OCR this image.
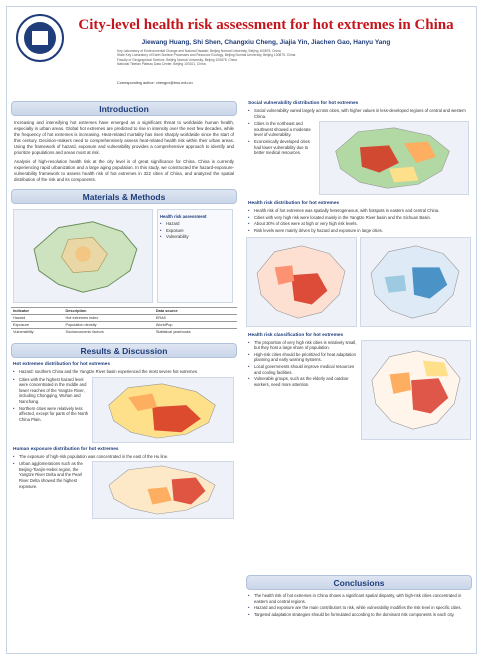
City-level health risk assessment for hot extremes in China
Jiewang Huang, Shi Shen, Changxiu Cheng, Jiajia Yin, Jiachen Gao, Hanyu Yang
Key Laboratory of Environmental Change and Natural Disaster, Beijing Normal University, Beijing 100875, China
State Key Laboratory of Earth Surface Processes and Resource Ecology, Beijing Normal University, Beijing 100875, China
Faculty of Geographical Science, Beijing Normal University, Beijing 100875, China
National Tibetan Plateau Data Center, Beijing 100101, China
Corresponding author: chengcx@bnu.edu.cn
Introduction

Increasing and intensifying hot extremes have emerged as a significant threat to worldwide human health, especially in urban areas. Global hot extremes are predicted to rise in intensity over the next few decades, while the frequency of hot extremes is increasing. Heat-related mortality has risen sharply worldwide since the start of this century. Decision-makers need to comprehensively assess heat-related health risk within their urban areas. Using the framework of hazard, exposure and vulnerability provides a comprehensive approach to identify and prioritize populations and areas most at risk.

Analysis of high-resolution health risk at the city level is of great significance for China. China is currently experiencing rapid urbanization and a large aging population. In this study, we constructed the hazard-exposure-vulnerability framework to assess health risk of hot extremes in 322 cities of China, and analyzed the spatial distribution of the risk and its components.

Materials & Methods
Health risk assessment
• Hazard
• Exposure
• Vulnerability
Indicator	Description	Data source
Hazard	Hot extremes index	ERA5
Exposure	Population density	WorldPop
Vulnerability	Socioeconomic factors	Statistical yearbooks
Results & Discussion
Hot extremes distribution for hot extremes
• Hazard: southern China and the Yangtze River basin experienced the most severe hot extremes.
• Cities with the highest hazard level were concentrated in the middle and lower reaches of the Yangtze River, including Chongqing, Wuhan and Nanchang.
• Northern cities were relatively less affected, except for parts of the North China Plain.
Human exposure distribution for hot extremes
• The exposure of high-risk population was concentrated in the east of the Hu line.
• Urban agglomerations such as the Beijing-Tianjin-Hebei region, the Yangtze River Delta and the Pearl River Delta showed the highest exposure.
Social vulnerability distribution for hot extremes
• Social vulnerability varied largely across cities, with higher values in less-developed regions of central and western China.
• Cities in the northeast and southwest showed a moderate level of vulnerability.
• Economically developed cities had lower vulnerability due to better medical resources.
Health risk distribution for hot extremes
• Health risk of hot extremes was spatially heterogeneous, with hotspots in eastern and central China.
• Cities with very high risk were located mainly in the Yangtze River basin and the Sichuan Basin.
• About 30% of cities were at high or very high risk levels.
• Risk levels were mainly driven by hazard and exposure in large cities.
Health risk classification for hot extremes
• The proportion of very high risk cities is relatively small, but they host a large share of population.
• High-risk cities should be prioritized for heat adaptation planning and early warning systems.
• Local governments should improve medical resources and cooling facilities.
• Vulnerable groups, such as the elderly and outdoor workers, need more attention.
Conclusions
• The health risk of hot extremes in China shows a significant spatial disparity, with high-risk cities concentrated in eastern and central regions.
• Hazard and exposure are the main contributors to risk, while vulnerability modifies the risk level in specific cities.
• Targeted adaptation strategies should be formulated according to the dominant risk components in each city.
